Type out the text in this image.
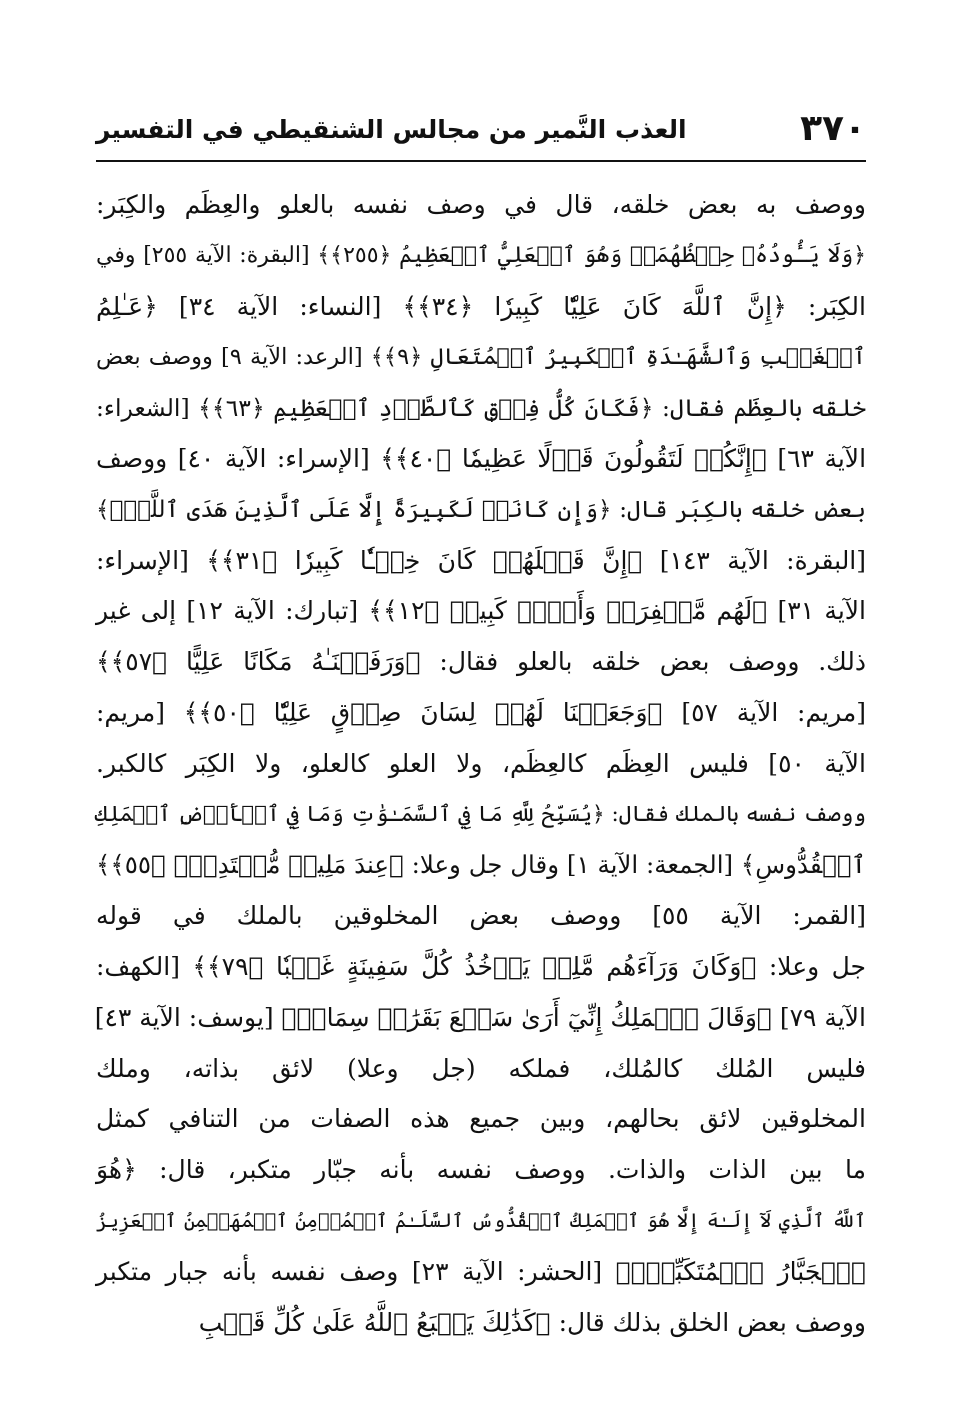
٣٧٠
العذب النَّمير من مجالس الشنقيطي في التفسير
ووصف به بعض خلقه، قال في وصف نفسه بالعلو والعِظَم والكِبَر:
﴿وَلَا يَـُٔودُهُۥ حِفۡظُهُمَاۚ وَهُوَ ٱلۡعَلِيُّ ٱلۡعَظِيمُ ﴿٢٥٥﴾﴾ [البقرة: الآية ٢٥٥] وفي
الكِبَر: ﴿إِنَّ ٱللَّهَ كَانَ عَلِيّٗا كَبِيرٗا ﴿٣٤﴾﴾ [النساء: الآية ٣٤] ﴿عَـٰلِمُ
ٱلۡغَيۡبِ وَٱلشَّهَـٰدَةِ ٱلۡكَبِيرُ ٱلۡمُتَعَالِ ﴿٩﴾﴾ [الرعد: الآية ٩] ووصف بعض
خلقه بالعِظَم فقال: ﴿فَكَانَ كُلُّ فِرۡقٖ كَٱلطَّوۡدِ ٱلۡعَظِيمِ ﴿٦٣﴾﴾ [الشعراء:
الآية ٦٣] ﴿إِنَّكُمۡ لَتَقُولُونَ قَوۡلًا عَظِيمٗا ﴿٤٠﴾﴾ [الإسراء: الآية ٤٠] ووصف
بعض خلقه بالكِبَر قال: ﴿وَإِن كَانَتۡ لَكَبِيرَةً إِلَّا عَلَى ٱلَّذِينَ هَدَى ٱللَّهُۗ﴾
[البقرة: الآية ١٤٣] ﴿إِنَّ قَتۡلَهُمۡ كَانَ خِطۡـٔٗا كَبِيرٗا ﴿٣١﴾﴾ [الإسراء:
الآية ٣١] ﴿لَهُم مَّغۡفِرَةٞ وَأَجۡرٞ كَبِيرٞ ﴿١٢﴾﴾ [تبارك: الآية ١٢] إلى غير
ذلك. ووصف بعض خلقه بالعلو فقال: ﴿وَرَفَعۡنَـٰهُ مَكَانًا عَلِيًّا ﴿٥٧﴾﴾
[مريم: الآية ٥٧] ﴿وَجَعَلۡنَا لَهُمۡ لِسَانَ صِدۡقٍ عَلِيّٗا ﴿٥٠﴾﴾ [مريم:
الآية ٥٠] فليس العِظَم كالعِظَم، ولا العلو كالعلو، ولا الكِبَر كالكبر.
ووصف نفسه بالملك فقال: ﴿يُسَبِّحُ لِلَّهِ مَا فِي ٱلسَّمَـٰوَٰتِ وَمَا فِي ٱلۡأَرۡضِ ٱلۡمَلِكِ
ٱلۡقُدُّوسِ﴾ [الجمعة: الآية ١] وقال جل وعلا: ﴿عِندَ مَلِيكٖ مُّقۡتَدِرِۭ ﴿٥٥﴾﴾
[القمر: الآية ٥٥] ووصف بعض المخلوقين بالملك في قوله
جل وعلا: ﴿وَكَانَ وَرَآءَهُم مَّلِكٞ يَأۡخُذُ كُلَّ سَفِينَةٍ غَصۡبٗا ﴿٧٩﴾﴾ [الكهف:
الآية ٧٩] ﴿وَقَالَ ٱلۡمَلِكُ إِنِّيٓ أَرَىٰ سَبۡعَ بَقَرَٰتٖ سِمَانٖ﴾ [يوسف: الآية ٤٣]
فليس المُلك كالمُلك، فملكه (جل وعلا) لائق بذاته، وملك
المخلوقين لائق بحالهم، وبين جميع هذه الصفات من التنافي كمثل
ما بين الذات والذات. ووصف نفسه بأنه جبّار متكبر، قال: ﴿هُوَ
ٱللَّهُ ٱلَّذِي لَآ إِلَـٰهَ إِلَّا هُوَ ٱلۡمَلِكُ ٱلۡقُدُّوسُ ٱلسَّلَـٰمُ ٱلۡمُؤۡمِنُ ٱلۡمُهَيۡمِنُ ٱلۡعَزِيزُ
ٱلۡجَبَّارُ ٱلۡمُتَكَبِّرُۚ﴾ [الحشر: الآية ٢٣] وصف نفسه بأنه جبار متكبر
ووصف بعض الخلق بذلك قال: ﴿كَذَٰلِكَ يَطۡبَعُ ٱللَّهُ عَلَىٰ كُلِّ قَلۡبِ
